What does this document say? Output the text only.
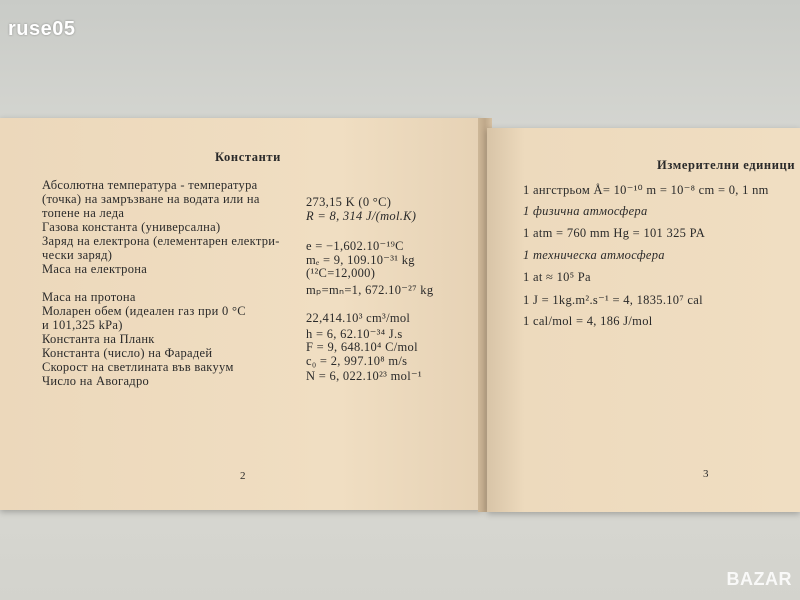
ruse05
Константи
Абсолютна температура - температура
(точка) на замръзване на водата или на
топене на леда
Газова константа (универсална)
Заряд на електрона (елементарен електри-
чески заряд)
Маса на електрона
Маса на протона
Моларен обем (идеален газ при 0 °C
и 101,325 kPa)
Константа на Планк
Константа (число) на Фарадей
Скорост на светлината във вакуум
Число на Авогадро
273,15 K (0 °C)
R = 8, 314 J/(mol.K)
e = −1,602.10⁻¹⁹C
mₑ = 9, 109.10⁻³¹ kg
(¹²C=12,000)
mₚ=mₙ=1, 672.10⁻²⁷ kg
22,414.10³ cm³/mol
h = 6, 62.10⁻³⁴ J.s
F = 9, 648.10⁴ C/mol
c₀ = 2, 997.10⁸ m/s
N = 6, 022.10²³ mol⁻¹
2
Измерителни единици
1 ангстрьом Å= 10⁻¹⁰ m = 10⁻⁸ cm = 0, 1 nm
1 физична атмосфера
1 atm = 760 mm Hg = 101 325 PA
1 техническа атмосфера
1 at ≈ 10⁵ Pa
1 J = 1kg.m².s⁻¹ = 4, 1835.10⁷ cal
1 cal/mol = 4, 186 J/mol
3
BAZAR
